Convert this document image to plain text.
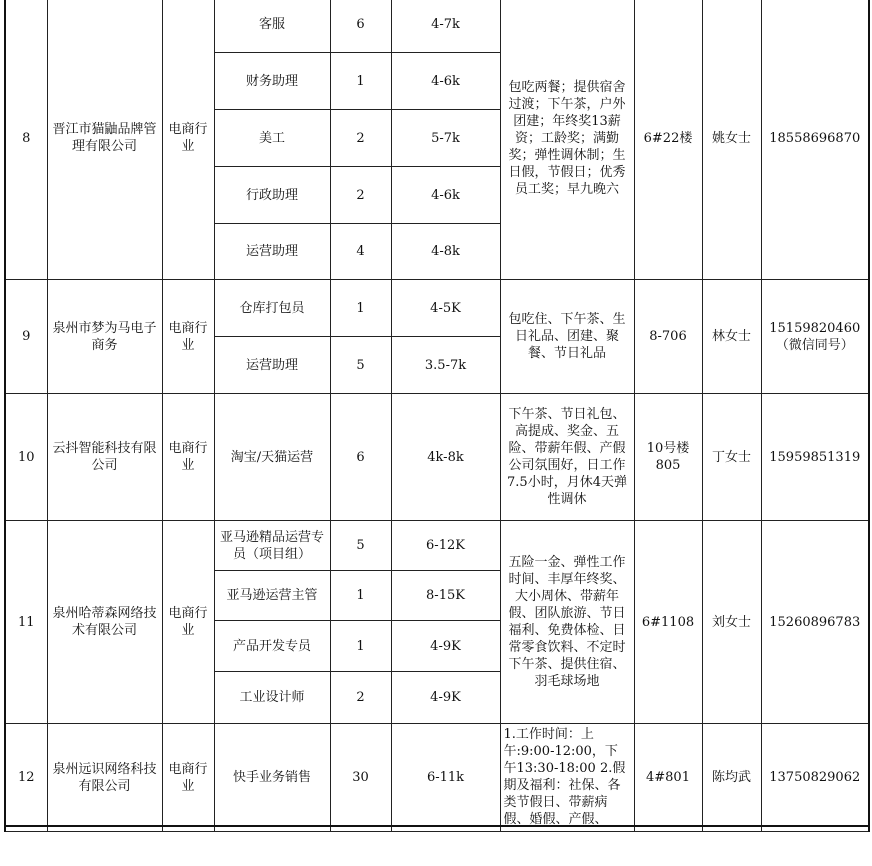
8	晋江市猫鼬品牌管理有限公司	电商行业	客服	6	4-7k	包吃两餐；提供宿舍过渡；下午茶，户外团建；年终奖13薪资；工龄奖；满勤奖；弹性调休制；生日假，节假日；优秀员工奖；早九晚六	6#22楼	姚女士	18558696870
			财务助理	1	4-6k				
			美工	2	5-7k				
			行政助理	2	4-6k				
			运营助理	4	4-8k				
9	泉州市梦为马电子商务	电商行业	仓库打包员	1	4-5K	包吃住、下午茶、生日礼品、团建、聚餐、节日礼品	8-706	林女士	15159820460（微信同号）
			运营助理	5	3.5-7k				
10	云抖智能科技有限公司	电商行业	淘宝/天猫运营	6	4k-8k	下午茶、节日礼包、高提成、奖金、五险、带薪年假、产假公司氛围好，日工作7.5小时，月休4天弹性调休	10号楼805	丁女士	15959851319
11	泉州哈蒂森网络技术有限公司	电商行业	亚马逊精品运营专员（项目组）	5	6-12K	五险一金、弹性工作时间、丰厚年终奖、大小周休、带薪年假、团队旅游、节日福利、免费体检、日常零食饮料、不定时下午茶、提供住宿、羽毛球场地	6#1108	刘女士	15260896783
			亚马逊运营主管	1	8-15K				
			产品开发专员	1	4-9K				
			工业设计师	2	4-9K				
12	泉州远识网络科技有限公司	电商行业	快手业务销售	30	6-11k	1.工作时间：上午:9:00-12:00，下午13:30-18:00 2.假期及福利：社保、各类节假日、带薪病假、婚假、产假、	4#801	陈均武	13750829062
